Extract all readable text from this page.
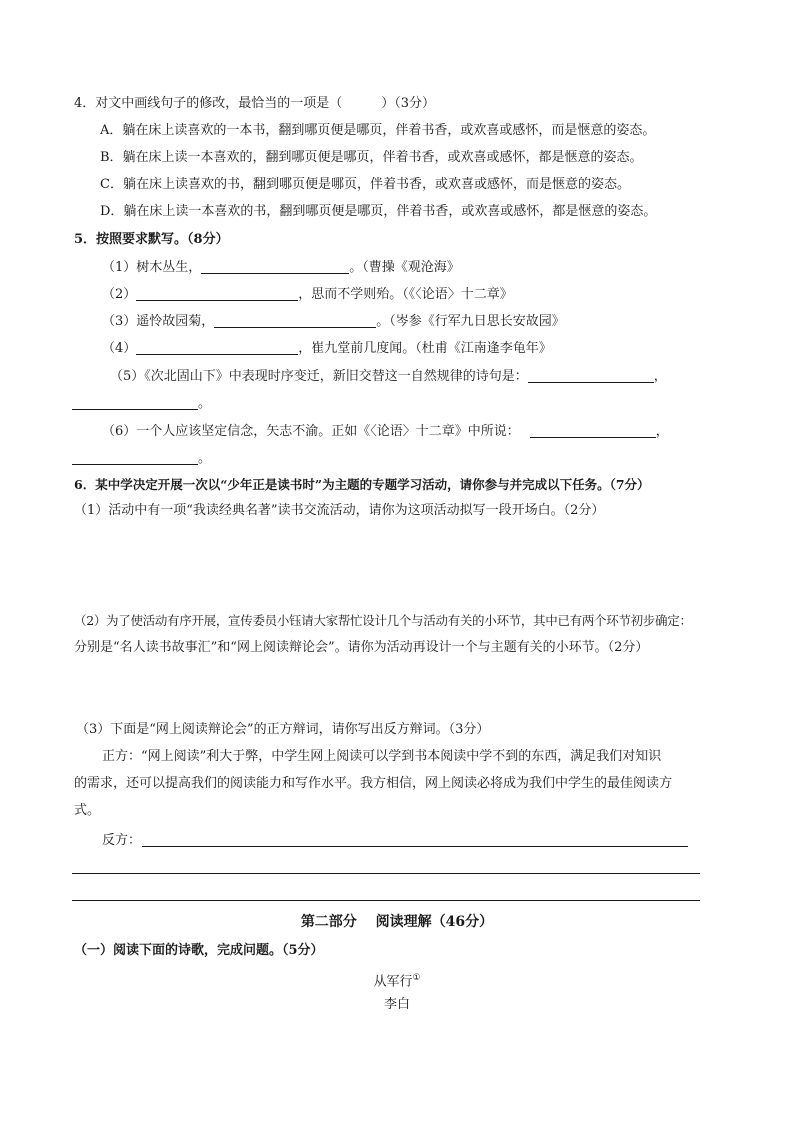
4．对文中画线句子的修改，最恰当的一项是（　　　）（3分）
A．躺在床上读喜欢的一本书，翻到哪页便是哪页，伴着书香，或欢喜或感怀，而是惬意的姿态。
B．躺在床上读一本喜欢的，翻到哪页便是哪页，伴着书香，或欢喜或感怀，都是惬意的姿态。
C．躺在床上读喜欢的书，翻到哪页便是哪页，伴着书香，或欢喜或感怀，而是惬意的姿态。
D．躺在床上读一本喜欢的书，翻到哪页便是哪页，伴着书香，或欢喜或感怀，都是惬意的姿态。
5．按照要求默写。（8分）
（1）树木丛生，	。（曹操《观沧海》
（2）	，思而不学则殆。（《〈论语〉十二章》
（3）遥怜故园菊，	。（岑参《行军九日思长安故园》
（4）	，崔九堂前几度闻。（杜甫《江南逢李龟年》
（5）《次北固山下》中表现时序变迁，新旧交替这一自然规律的诗句是：	，
。
（6）一个人应该坚定信念，矢志不渝。正如《〈论语〉十二章》中所说：	，
。
6．某中学决定开展一次以“少年正是读书时”为主题的专题学习活动，请你参与并完成以下任务。（7分）
（1）活动中有一项“我读经典名著”读书交流活动，请你为这项活动拟写一段开场白。（2分）
（2）为了使活动有序开展，宣传委员小钰请大家帮忙设计几个与活动有关的小环节，其中已有两个环节初步确定：
分别是“名人读书故事汇”和“网上阅读辩论会”。请你为活动再设计一个与主题有关的小环节。（2分）
（3）下面是“网上阅读辩论会”的正方辩词，请你写出反方辩词。（3分）
正方：“网上阅读”利大于弊，中学生网上阅读可以学到书本阅读中学不到的东西，满足我们对知识
的需求，还可以提高我们的阅读能力和写作水平。我方相信，网上阅读必将成为我们中学生的最佳阅读方
式。
反方：
第二部分　 阅读理解（46分）
（一）阅读下面的诗歌，完成问题。（5分）
从军行①
李白
